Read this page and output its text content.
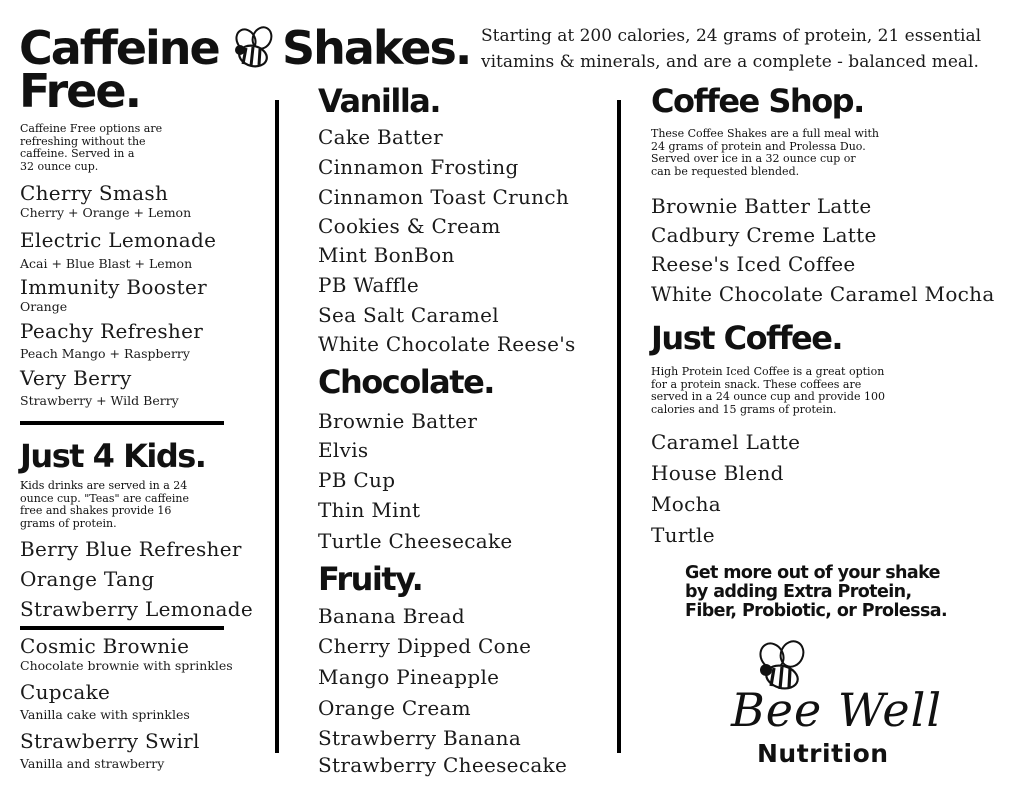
Caffeine
Free.
Shakes. Starting at 200 calories, 24 grams of protein, 21 essential vitamins & minerals, and are a complete - balanced meal.
Caffeine Free options are
refreshing without the
caffeine. Served in a
32 ounce cup.
Cherry Smash
Cherry + Orange + Lemon
Electric Lemonade
Acai + Blue Blast + Lemon
Immunity Booster
Orange
Peachy Refresher
Peach Mango + Raspberry
Very Berry
Strawberry + Wild Berry
Just 4 Kids.
Kids drinks are served in a 24
ounce cup. "Teas" are caffeine
free and shakes provide 16
grams of protein.
Berry Blue Refresher
Orange Tang
Strawberry Lemonade
Cosmic Brownie
Chocolate brownie with sprinkles
Cupcake
Vanilla cake with sprinkles
Strawberry Swirl
Vanilla and strawberry
Vanilla.
Cake Batter
Cinnamon Frosting
Cinnamon Toast Crunch
Cookies & Cream
Mint BonBon
PB Waffle
Sea Salt Caramel
White Chocolate Reese's
Chocolate.
Brownie Batter
Elvis
PB Cup
Thin Mint
Turtle Cheesecake
Fruity.
Banana Bread
Cherry Dipped Cone
Mango Pineapple
Orange Cream
Strawberry Banana
Strawberry Cheesecake
Coffee Shop.
These Coffee Shakes are a full meal with
24 grams of protein and Prolessa Duo.
Served over ice in a 32 ounce cup or
can be requested blended.
Brownie Batter Latte
Cadbury Creme Latte
Reese's Iced Coffee
White Chocolate Caramel Mocha
Just Coffee.
High Protein Iced Coffee is a great option
for a protein snack. These coffees are
served in a 24 ounce cup and provide 100
calories and 15 grams of protein.
Caramel Latte
House Blend
Mocha
Turtle
Get more out of your shake
by adding Extra Protein,
Fiber, Probiotic, or Prolessa.
Bee Well
Nutrition
